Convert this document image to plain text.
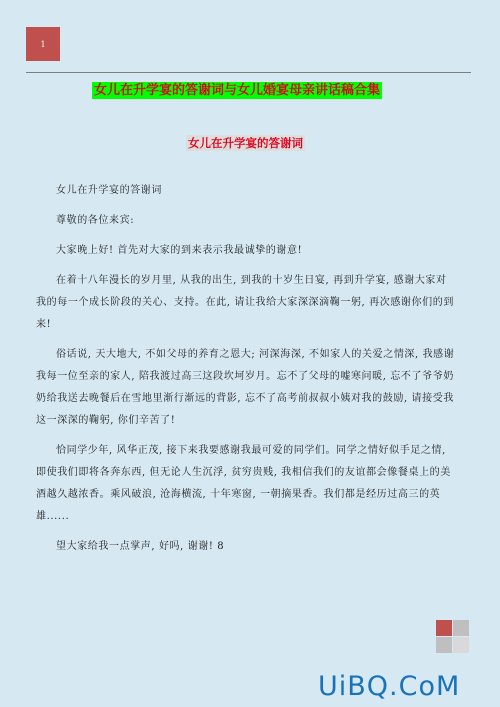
1
女儿在升学宴的答谢词与女儿婚宴母亲讲话稿合集
女儿在升学宴的答谢词

女儿在升学宴的答谢词

尊敬的各位来宾:

大家晚上好! 首先对大家的到来表示我最诚挚的谢意!

在着十八年漫长的岁月里, 从我的出生, 到我的十岁生日宴, 再到升学宴, 感谢大家对我的每一个成长阶段的关心、支持。在此, 请让我给大家深深滴鞠一躬, 再次感谢你们的到来!

俗话说, 天大地大, 不如父母的养育之恩大; 河深海深, 不如家人的关爱之情深, 我感谢我每一位至亲的家人, 陪我渡过高三这段坎坷岁月。忘不了父母的嘘寒问暖, 忘不了爷爷奶奶给我送去晚餐后在雪地里渐行渐远的背影, 忘不了高考前叔叔小姨对我的鼓励, 请接受我这一深深的鞠躬, 你们辛苦了!

恰同学少年, 风华正茂, 接下来我要感谢我最可爱的同学们。同学之情好似手足之情, 即使我们即将各奔东西, 但无论人生沉浮, 贫穷贵贱, 我相信我们的友谊都会像餐桌上的美酒越久越浓香。乘风破浪, 沧海横流, 十年寒窗, 一朝摘果香。我们都是经历过高三的英雄......

望大家给我一点掌声, 好吗, 谢谢! 8

UiBQ.CoM
